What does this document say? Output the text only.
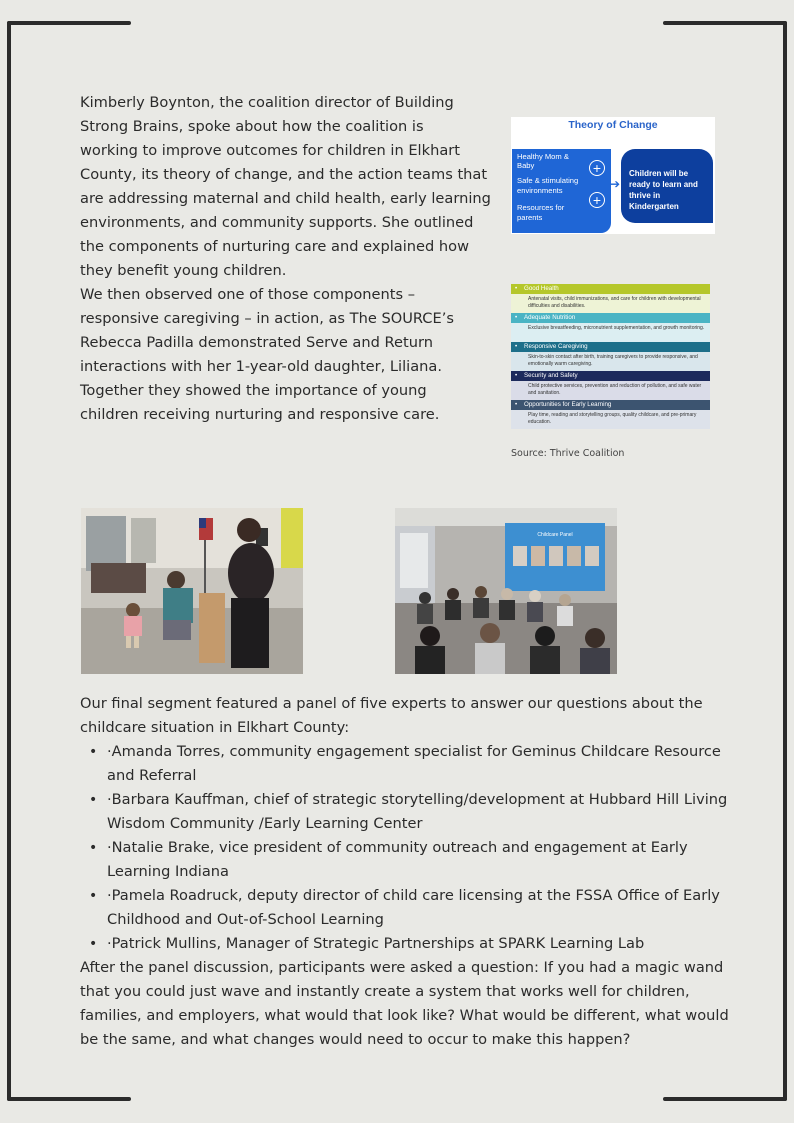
Kimberly Boynton, the coalition director of Building
Strong Brains, spoke about how the coalition is
working to improve outcomes for children in Elkhart
County, its theory of change, and the action teams that
are addressing maternal and child health, early learning
environments, and community supports. She outlined
the components of nurturing care and explained how
they benefit young children.
We then observed one of those components –
responsive caregiving – in action, as The SOURCE’s
Rebecca Padilla demonstrated Serve and Return
interactions with her 1-year-old daughter, Liliana.
Together they showed the importance of young
children receiving nurturing and responsive care.

Theory of Change
Healthy Mom &
Baby
Safe & stimulating
environments
Resources for
parents
+
+
➔
Children will be ready to learn and thrive in Kindergarten
• Good Health
Antenatal visits, child immunizations, and care for children with developmental difficulties and disabilities.
• Adequate Nutrition
Exclusive breastfeeding, micronutrient supplementation, and growth monitoring.
• Responsive Caregiving
Skin-to-skin contact after birth, training caregivers to provide responsive, and emotionally warm caregiving.
• Security and Safety
Child protective services, prevention and reduction of pollution, and safe water and sanitation.
• Opportunities for Early Learning
Play time, reading and storytelling groups, quality childcare, and pre-primary education.
Source: Thrive Coalition
Childcare Panel

Our final segment featured a panel of five experts to answer our questions about the
childcare situation in Elkhart County:

• ·Amanda Torres, community engagement specialist for Geminus Childcare Resource
and Referral
• ·Barbara Kauffman, chief of strategic storytelling/development at Hubbard Hill Living
Wisdom Community /Early Learning Center
• ·Natalie Brake, vice president of community outreach and engagement at Early
Learning Indiana
• ·Pamela Roadruck, deputy director of child care licensing at the FSSA Office of Early
Childhood and Out-of-School Learning
• ·Patrick Mullins, Manager of Strategic Partnerships at SPARK Learning Lab

After the panel discussion, participants were asked a question: If you had a magic wand
that you could just wave and instantly create a system that works well for children,
families, and employers, what would that look like? What would be different, what would
be the same, and what changes would need to occur to make this happen?
